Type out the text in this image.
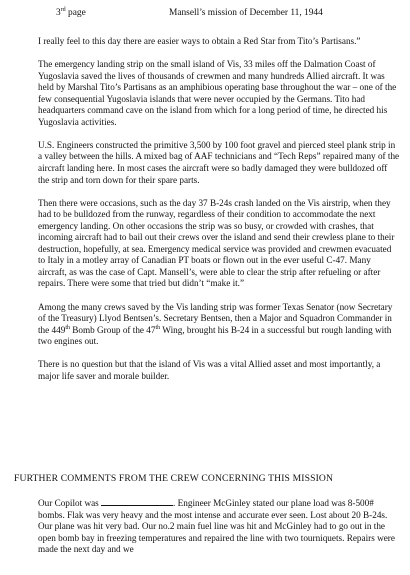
3rd page	Mansell’s mission of December 11, 1944

I really feel to this day there are easier ways to obtain a Red Star from Tito’s Partisans.”

The emergency landing strip on the small island of Vis, 33 miles off the Dalmation Coast of Yugoslavia saved the lives of thousands of crewmen and many hundreds Allied aircraft. It was held by Marshal Tito’s Partisans as an amphibious operating base throughout the war – one of the few consequential Yugoslavia islands that were never occupied by the Germans. Tito had headquarters command cave on the island from which for a long period of time, he directed his Yugoslavia activities.

U.S. Engineers constructed the primitive 3,500 by 100 foot gravel and pierced steel plank strip in a valley between the hills. A mixed bag of AAF technicians and “Tech Reps” repaired many of the aircraft landing here. In most cases the aircraft were so badly damaged they were bulldozed off the strip and torn down for their spare parts.

Then there were occasions, such as the day 37 B-24s crash landed on the Vis airstrip, when they had to be bulldozed from the runway, regardless of their condition to accommodate the next emergency landing. On other occasions the strip was so busy, or crowded with crashes, that incoming aircraft had to bail out their crews over the island and send their crewless plane to their destruction, hopefully, at sea. Emergency medical service was provided and crewmen evacuated to Italy in a motley array of Canadian PT boats or flown out in the ever useful C-47. Many aircraft, as was the case of Capt. Mansell’s, were able to clear the strip after refueling or after repairs. There were some that tried but didn’t “make it.”

Among the many crews saved by the Vis landing strip was former Texas Senator (now Secretary of the Treasury) Llyod Bentsen’s. Secretary Bentsen, then a Major and Squadron Commander in the 449th Bomb Group of the 47th Wing, brought his B-24 in a successful but rough landing with two engines out.

There is no question but that the island of Vis was a vital Allied asset and most importantly, a major life saver and morale builder.

FURTHER COMMENTS FROM THE CREW CONCERNING THIS MISSION

Our Copilot was	. Engineer McGinley stated our plane load was 8-500# bombs. Flak was very heavy and the most intense and accurate ever seen. Lost about 20 B-24s. Our plane was hit very bad. Our no.2 main fuel line was hit and McGinley had to go out in the open bomb bay in freezing temperatures and repaired the line with two tourniquets. Repairs were made the next day and we
